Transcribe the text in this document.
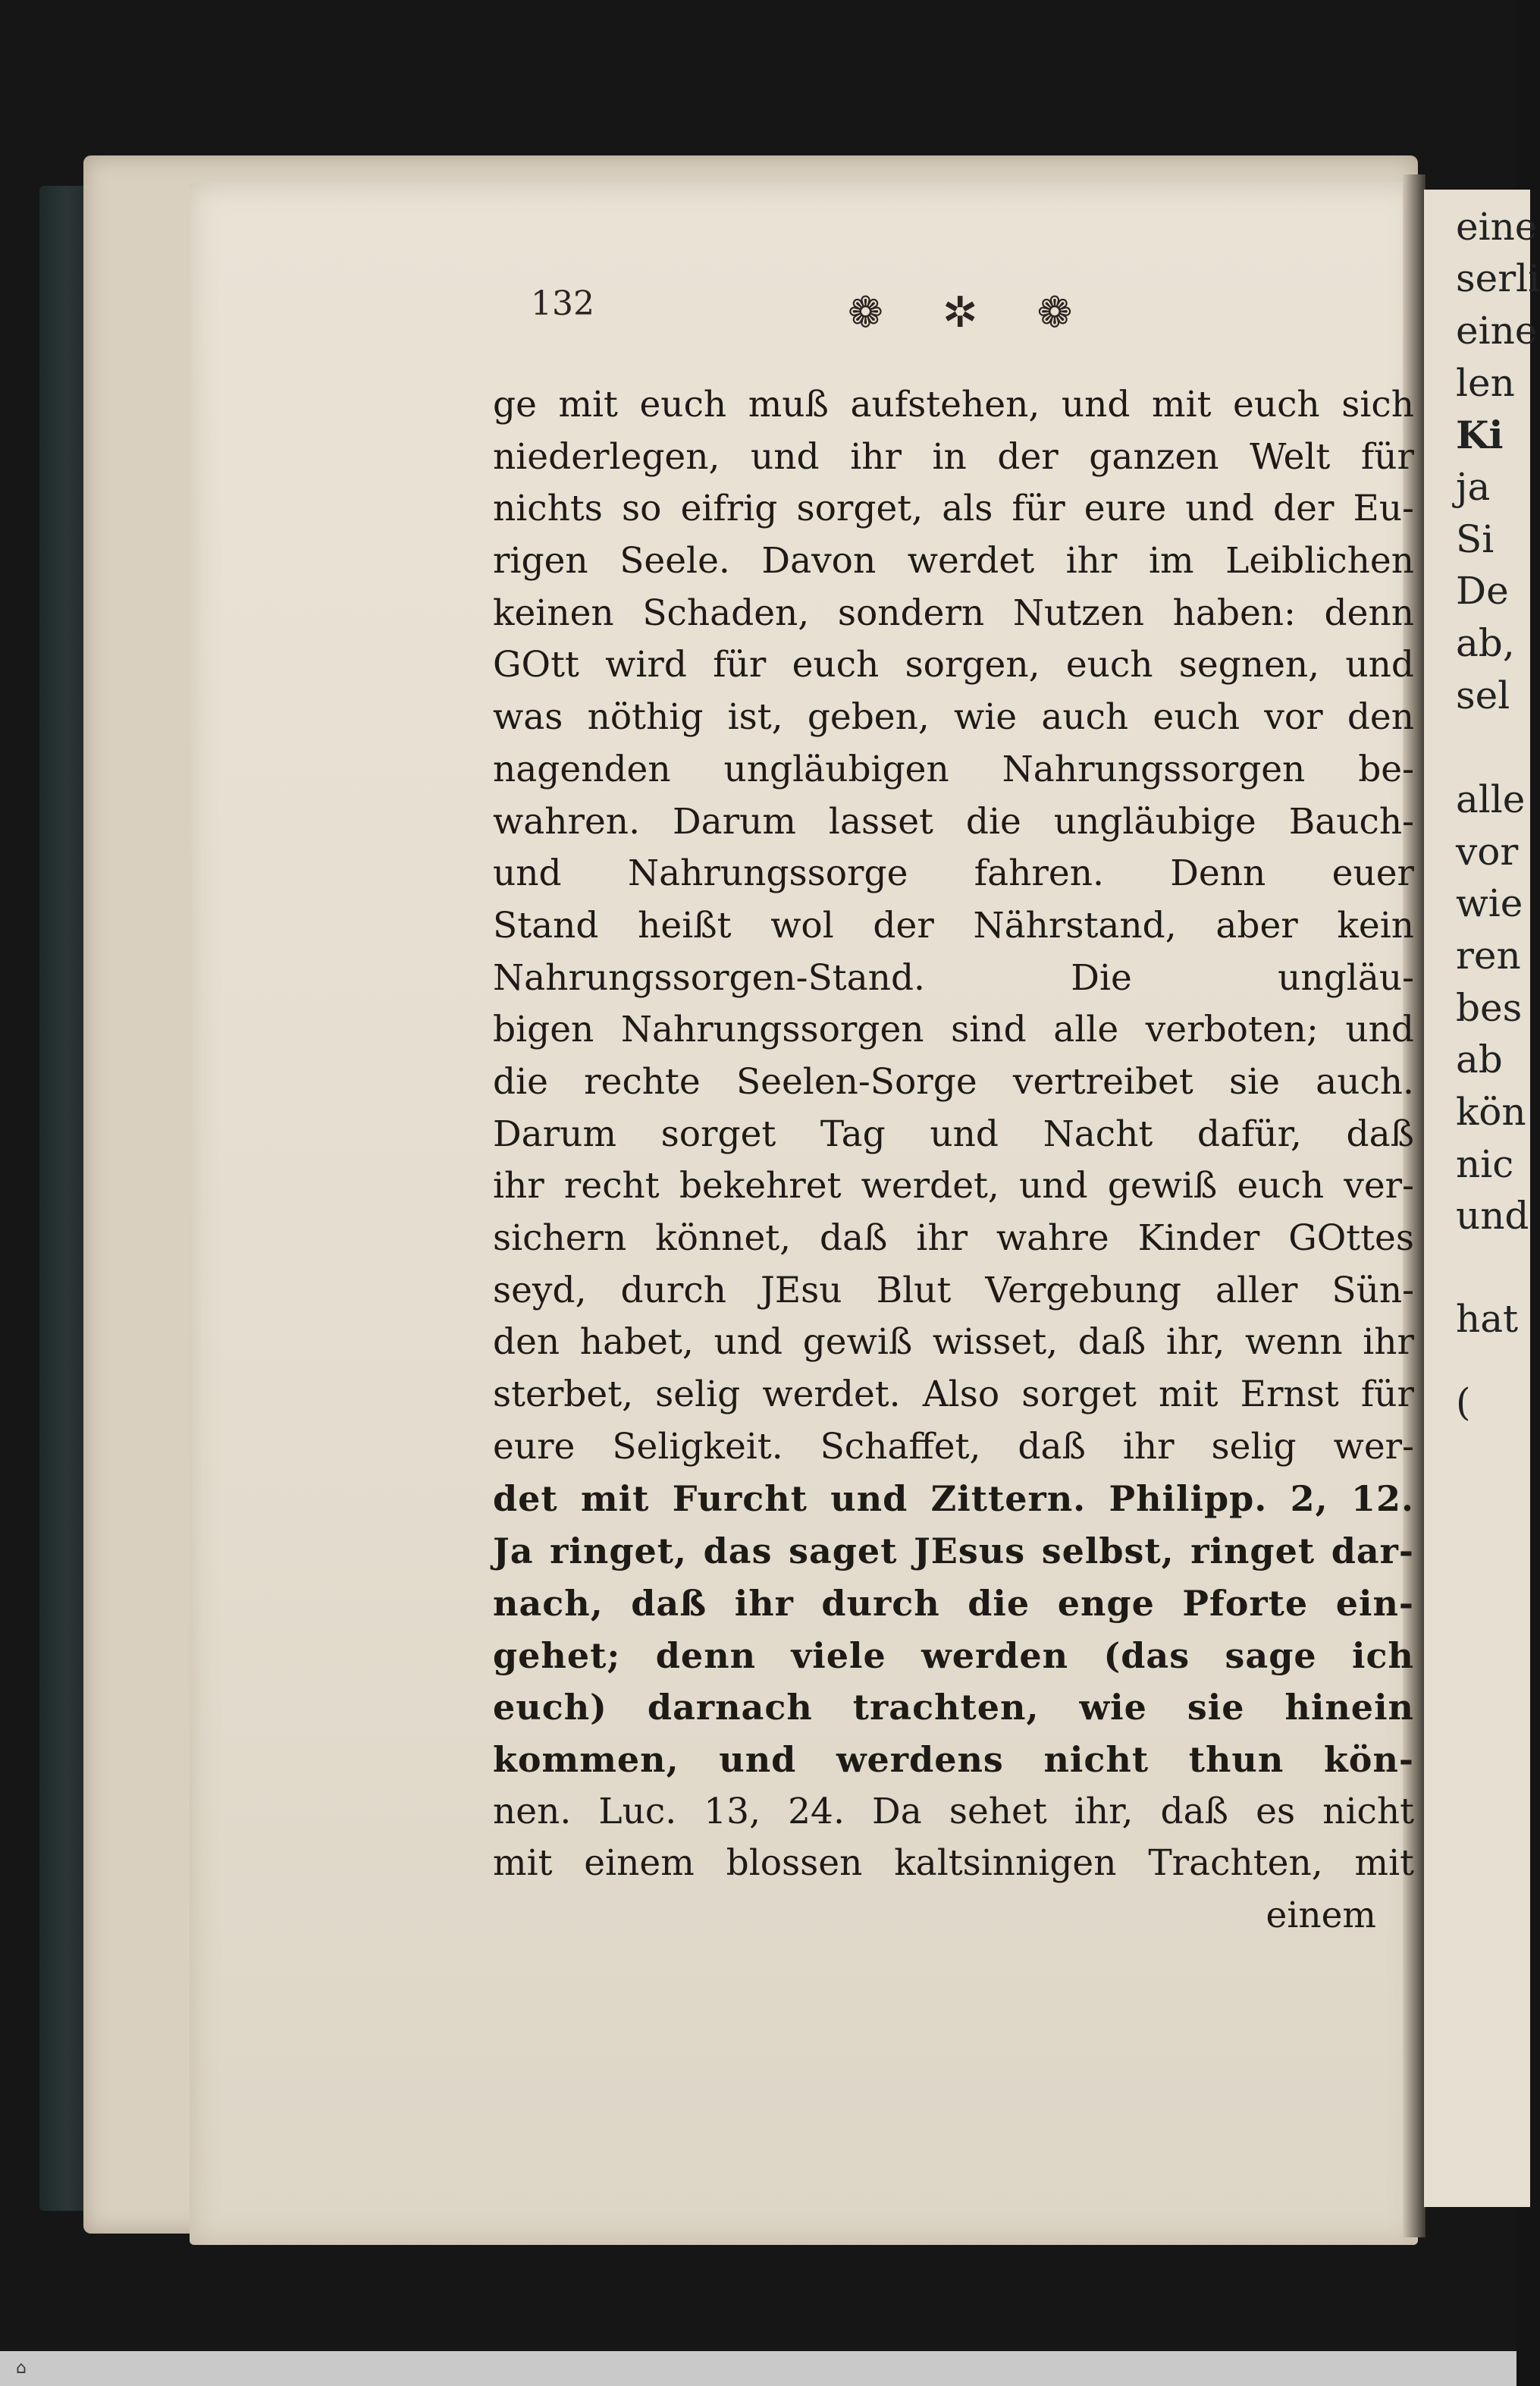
eine

serli

eine

len

Ki

ja

Si

De

ab,

sel

alle

vor

wie

ren

bes

ab

kön

nic

und

hat

(

132	❁ ✲ ❁

ge mit euch muß aufstehen, und mit euch sich

niederlegen, und ihr in der ganzen Welt für

nichts so eifrig sorget, als für eure und der Eu-

rigen Seele. Davon werdet ihr im Leiblichen

keinen Schaden, sondern Nutzen haben: denn

GOtt wird für euch sorgen, euch segnen, und

was nöthig ist, geben, wie auch euch vor den

nagenden ungläubigen Nahrungssorgen be-

wahren. Darum lasset die ungläubige Bauch-

und Nahrungssorge fahren. Denn euer

Stand heißt wol der Nährstand, aber kein

Nahrungssorgen-Stand. Die ungläu-

bigen Nahrungssorgen sind alle verboten; und

die rechte Seelen-Sorge vertreibet sie auch.

Darum sorget Tag und Nacht dafür, daß

ihr recht bekehret werdet, und gewiß euch ver-

sichern könnet, daß ihr wahre Kinder GOttes

seyd, durch JEsu Blut Vergebung aller Sün-

den habet, und gewiß wisset, daß ihr, wenn ihr

sterbet, selig werdet. Also sorget mit Ernst für

eure Seligkeit. Schaffet, daß ihr selig wer-

det mit Furcht und Zittern. Philipp. 2, 12.

Ja ringet, das saget JEsus selbst, ringet dar-

nach, daß ihr durch die enge Pforte ein-

gehet; denn viele werden (das sage ich

euch) darnach trachten, wie sie hinein

kommen, und werdens nicht thun kön-

nen. Luc. 13, 24. Da sehet ihr, daß es nicht

mit einem blossen kaltsinnigen Trachten, mit

einem

⌂
